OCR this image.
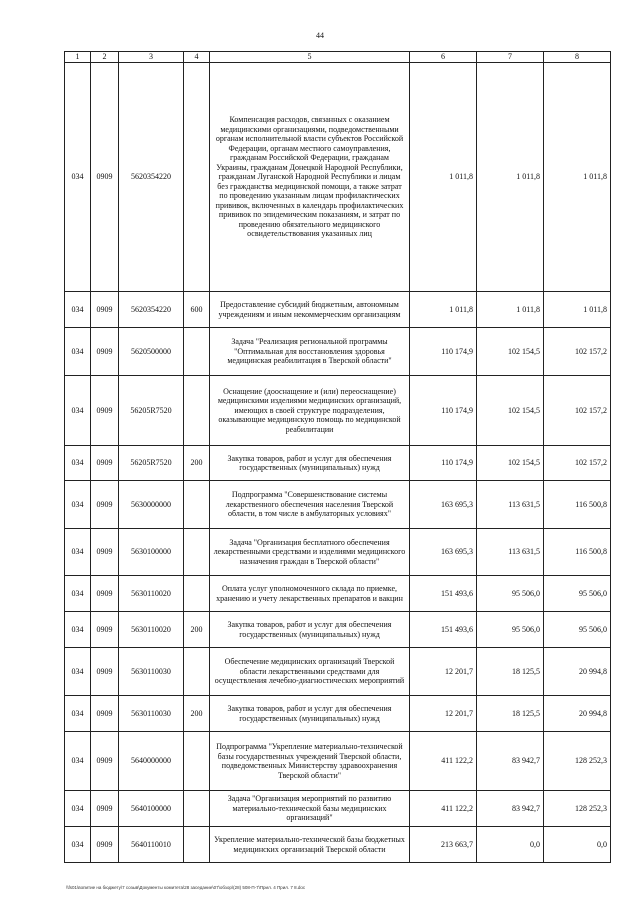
44
1	2	3	4	5	6	7	8
034	0909	5620354220		Компенсация расходов, связанных с оказанием медицинскими организациями, подведомственными органам исполнительной власти субъектов Российской Федерации, органам местного самоуправления, гражданам Российской Федерации, гражданам Украины, гражданам Донецкой Народной Республики, гражданам Луганской Народной Республики и лицам без гражданства медицинской помощи, а также затрат по проведению указанным лицам профилактических прививок, включенных в календарь профилактических прививок по эпидемическим показаниям, и затрат по проведению обязательного медицинского освидетельствования указанных лиц	1 011,8	1 011,8	1 011,8
034	0909	5620354220	600	Предоставление субсидий бюджетным, автономным учреждениям и иным некоммерческим организациям	1 011,8	1 011,8	1 011,8
034	0909	5620500000		Задача "Реализация региональной программы "Оптимальная для восстановления здоровья медицинская реабилитация в Тверской области"	110 174,9	102 154,5	102 157,2
034	0909	56205R7520		Оснащение (дооснащение и (или) переоснащение) медицинскими изделиями медицинских организаций, имеющих в своей структуре подразделения, оказывающие медицинскую помощь по медицинской реабилитации	110 174,9	102 154,5	102 157,2
034	0909	56205R7520	200	Закупка товаров, работ и услуг для обеспечения государственных (муниципальных) нужд	110 174,9	102 154,5	102 157,2
034	0909	5630000000		Подпрограмма "Совершенствование системы лекарственного обеспечения населения Тверской области, в том числе в амбулаторных условиях"	163 695,3	113 631,5	116 500,8
034	0909	5630100000		Задача "Организация бесплатного обеспечения лекарственными средствами и изделиями медицинского назначения граждан в Тверской области"	163 695,3	113 631,5	116 500,8
034	0909	5630110020		Оплата услуг уполномоченного склада по приемке, хранению и учету лекарственных препаратов и вакцин	151 493,6	95 506,0	95 506,0
034	0909	5630110020	200	Закупка товаров, работ и услуг для обеспечения государственных (муниципальных) нужд	151 493,6	95 506,0	95 506,0
034	0909	5630110030		Обеспечение медицинских организаций Тверской области лекарственными средствами для осуществления лечебно-диагностических мероприятий	12 201,7	18 125,5	20 994,8
034	0909	5630110030	200	Закупка товаров, работ и услуг для обеспечения государственных (муниципальных) нужд	12 201,7	18 125,5	20 994,8
034	0909	5640000000		Подпрограмма "Укрепление материально-технической базы государственных учреждений Тверской области, подведомственных Министерству здравоохранения Тверской области"	411 122,2	83 942,7	128 252,3
034	0909	5640100000		Задача "Организация мероприятий по развитию материально-технической базы медицинских организаций"	411 122,2	83 942,7	128 252,3
034	0909	5640110010		Укрепление материально-технической базы бюджетных медицинских организаций Тверской области	213 663,7	0,0	0,0
\\fs01\вопитие на бюджету\7 созыв\Документы комитета\28 заседание\07\обзор\(28) 508-П-7\Прил. 4 Прил. 7 8.doc
